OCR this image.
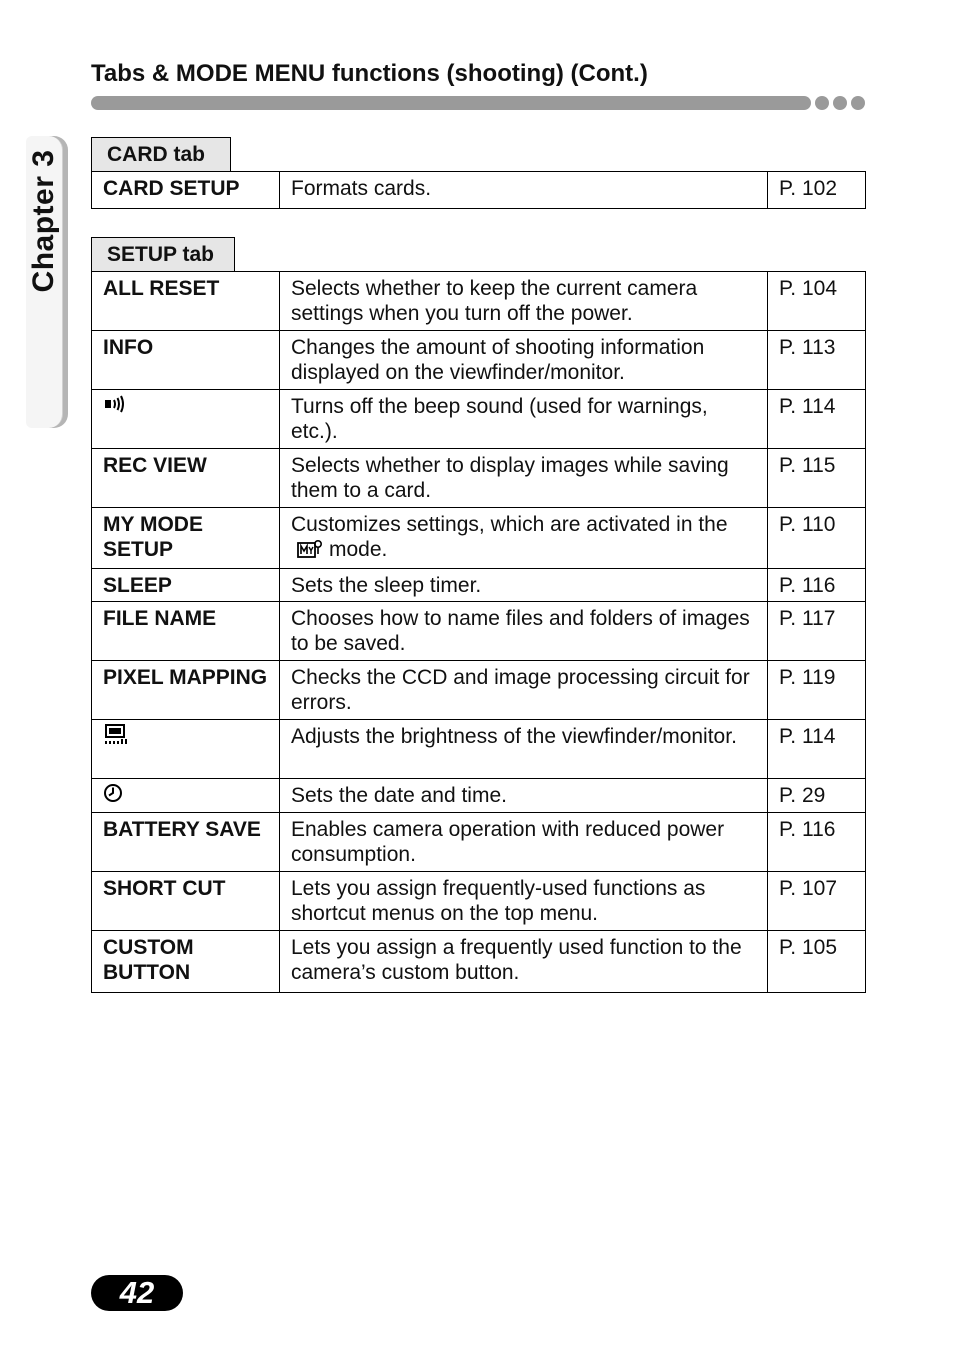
Tabs & MODE MENU functions (shooting) (Cont.)
Chapter 3	CARD tab
CARD SETUP	Formats cards.	P. 102
SETUP tab
ALL RESET	Selects whether to keep the current camera settings when you turn off the power.	P. 104
INFO	Changes the amount of shooting information displayed on the viewfinder/monitor.	P. 113
	Turns off the beep sound (used for warnings, etc.).	P. 114
REC VIEW	Selects whether to display images while saving them to a card.	P. 115
MY MODE SETUP	Customizes settings, which are activated in themode.	P. 110
SLEEP	Sets the sleep timer.	P. 116
FILE NAME	Chooses how to name files and folders of images to be saved.	P. 117
PIXEL MAPPING	Checks the CCD and image processing circuit for errors.	P. 119
	Adjusts the brightness of the viewfinder/monitor.	P. 114
	Sets the date and time.	P. 29
BATTERY SAVE	Enables camera operation with reduced power consumption.	P. 116
SHORT CUT	Lets you assign frequently-used functions as shortcut menus on the top menu.	P. 107
CUSTOM BUTTON	Lets you assign a frequently used function to the camera’s custom button.	P. 105
42
